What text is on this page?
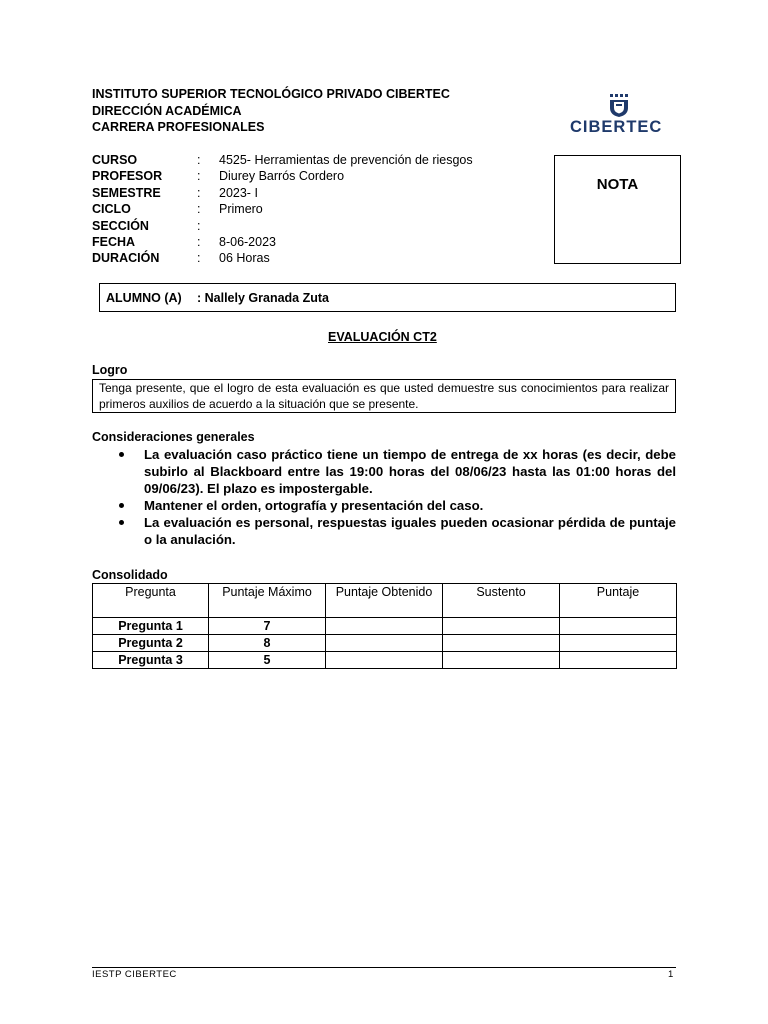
INSTITUTO SUPERIOR TECNOLÓGICO PRIVADO CIBERTEC
DIRECCIÓN ACADÉMICA
CARRERA PROFESIONALES	CIBERTEC
CURSO	:	4525- Herramientas de prevención de riesgos
PROFESOR	:	Diurey Barrós Cordero
SEMESTRE	:	2023- I
CICLO	:	Primero
SECCIÓN	:
FECHA	:	8-06-2023
DURACIÓN	:	06 Horas
NOTA
ALUMNO (A) : Nallely Granada Zuta
EVALUACIÓN CT2
Logro
Tenga presente, que el logro de esta evaluación es que usted demuestre sus conocimientos para realizar primeros auxilios de acuerdo a la situación que se presente.
Consideraciones generales
La evaluación caso práctico tiene un tiempo de entrega de xx horas (es decir, debe subirlo al Blackboard entre las 19:00 horas del 08/06/23 hasta las 01:00 horas del 09/06/23). El plazo es impostergable.
Mantener el orden, ortografía y presentación del caso.
La evaluación es personal, respuestas iguales pueden ocasionar pérdida de puntaje o la anulación.
Consolidado
Pregunta	Puntaje Máximo	Puntaje Obtenido	Sustento	Puntaje
Pregunta 1	7			
Pregunta 2	8			
Pregunta 3	5			
IESTP CIBERTEC	1
